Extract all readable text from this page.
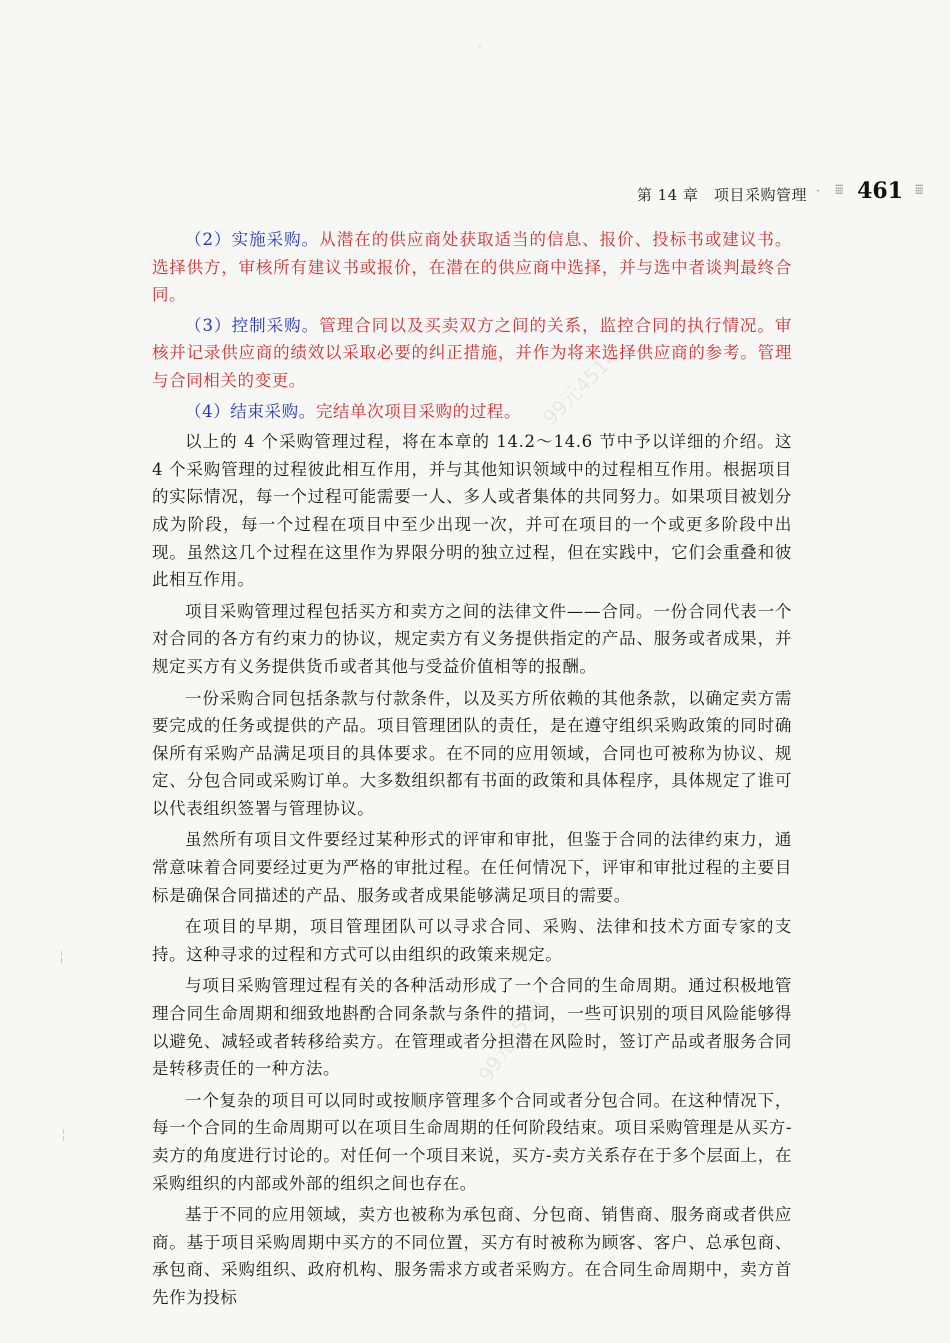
·
╎
╎
99元4514
99元4514
第 14 章　项目采购管理 · ⁞⁞⁞⁞ 461 ⁞⁞⁞⁞

（2）实施采购。从潜在的供应商处获取适当的信息、报价、投标书或建议书。选择供方，审核所有建议书或报价，在潜在的供应商中选择，并与选中者谈判最终合同。

（3）控制采购。管理合同以及买卖双方之间的关系，监控合同的执行情况。审核并记录供应商的绩效以采取必要的纠正措施，并作为将来选择供应商的参考。管理与合同相关的变更。

（4）结束采购。完结单次项目采购的过程。

以上的 4 个采购管理过程，将在本章的 14.2～14.6 节中予以详细的介绍。这 4 个采购管理的过程彼此相互作用，并与其他知识领域中的过程相互作用。根据项目的实际情况，每一个过程可能需要一人、多人或者集体的共同努力。如果项目被划分成为阶段，每一个过程在项目中至少出现一次，并可在项目的一个或更多阶段中出现。虽然这几个过程在这里作为界限分明的独立过程，但在实践中，它们会重叠和彼此相互作用。

项目采购管理过程包括买方和卖方之间的法律文件——合同。一份合同代表一个对合同的各方有约束力的协议，规定卖方有义务提供指定的产品、服务或者成果，并规定买方有义务提供货币或者其他与受益价值相等的报酬。

一份采购合同包括条款与付款条件，以及买方所依赖的其他条款，以确定卖方需要完成的任务或提供的产品。项目管理团队的责任，是在遵守组织采购政策的同时确保所有采购产品满足项目的具体要求。在不同的应用领域，合同也可被称为协议、规定、分包合同或采购订单。大多数组织都有书面的政策和具体程序，具体规定了谁可以代表组织签署与管理协议。

虽然所有项目文件要经过某种形式的评审和审批，但鉴于合同的法律约束力，通常意味着合同要经过更为严格的审批过程。在任何情况下，评审和审批过程的主要目标是确保合同描述的产品、服务或者成果能够满足项目的需要。

在项目的早期，项目管理团队可以寻求合同、采购、法律和技术方面专家的支持。这种寻求的过程和方式可以由组织的政策来规定。

与项目采购管理过程有关的各种活动形成了一个合同的生命周期。通过积极地管理合同生命周期和细致地斟酌合同条款与条件的措词，一些可识别的项目风险能够得以避免、减轻或者转移给卖方。在管理或者分担潜在风险时，签订产品或者服务合同是转移责任的一种方法。

一个复杂的项目可以同时或按顺序管理多个合同或者分包合同。在这种情况下，每一个合同的生命周期可以在项目生命周期的任何阶段结束。项目采购管理是从买方-卖方的角度进行讨论的。对任何一个项目来说，买方-卖方关系存在于多个层面上，在采购组织的内部或外部的组织之间也存在。

基于不同的应用领域，卖方也被称为承包商、分包商、销售商、服务商或者供应商。基于项目采购周期中买方的不同位置，买方有时被称为顾客、客户、总承包商、承包商、采购组织、政府机构、服务需求方或者采购方。在合同生命周期中，卖方首先作为投标
